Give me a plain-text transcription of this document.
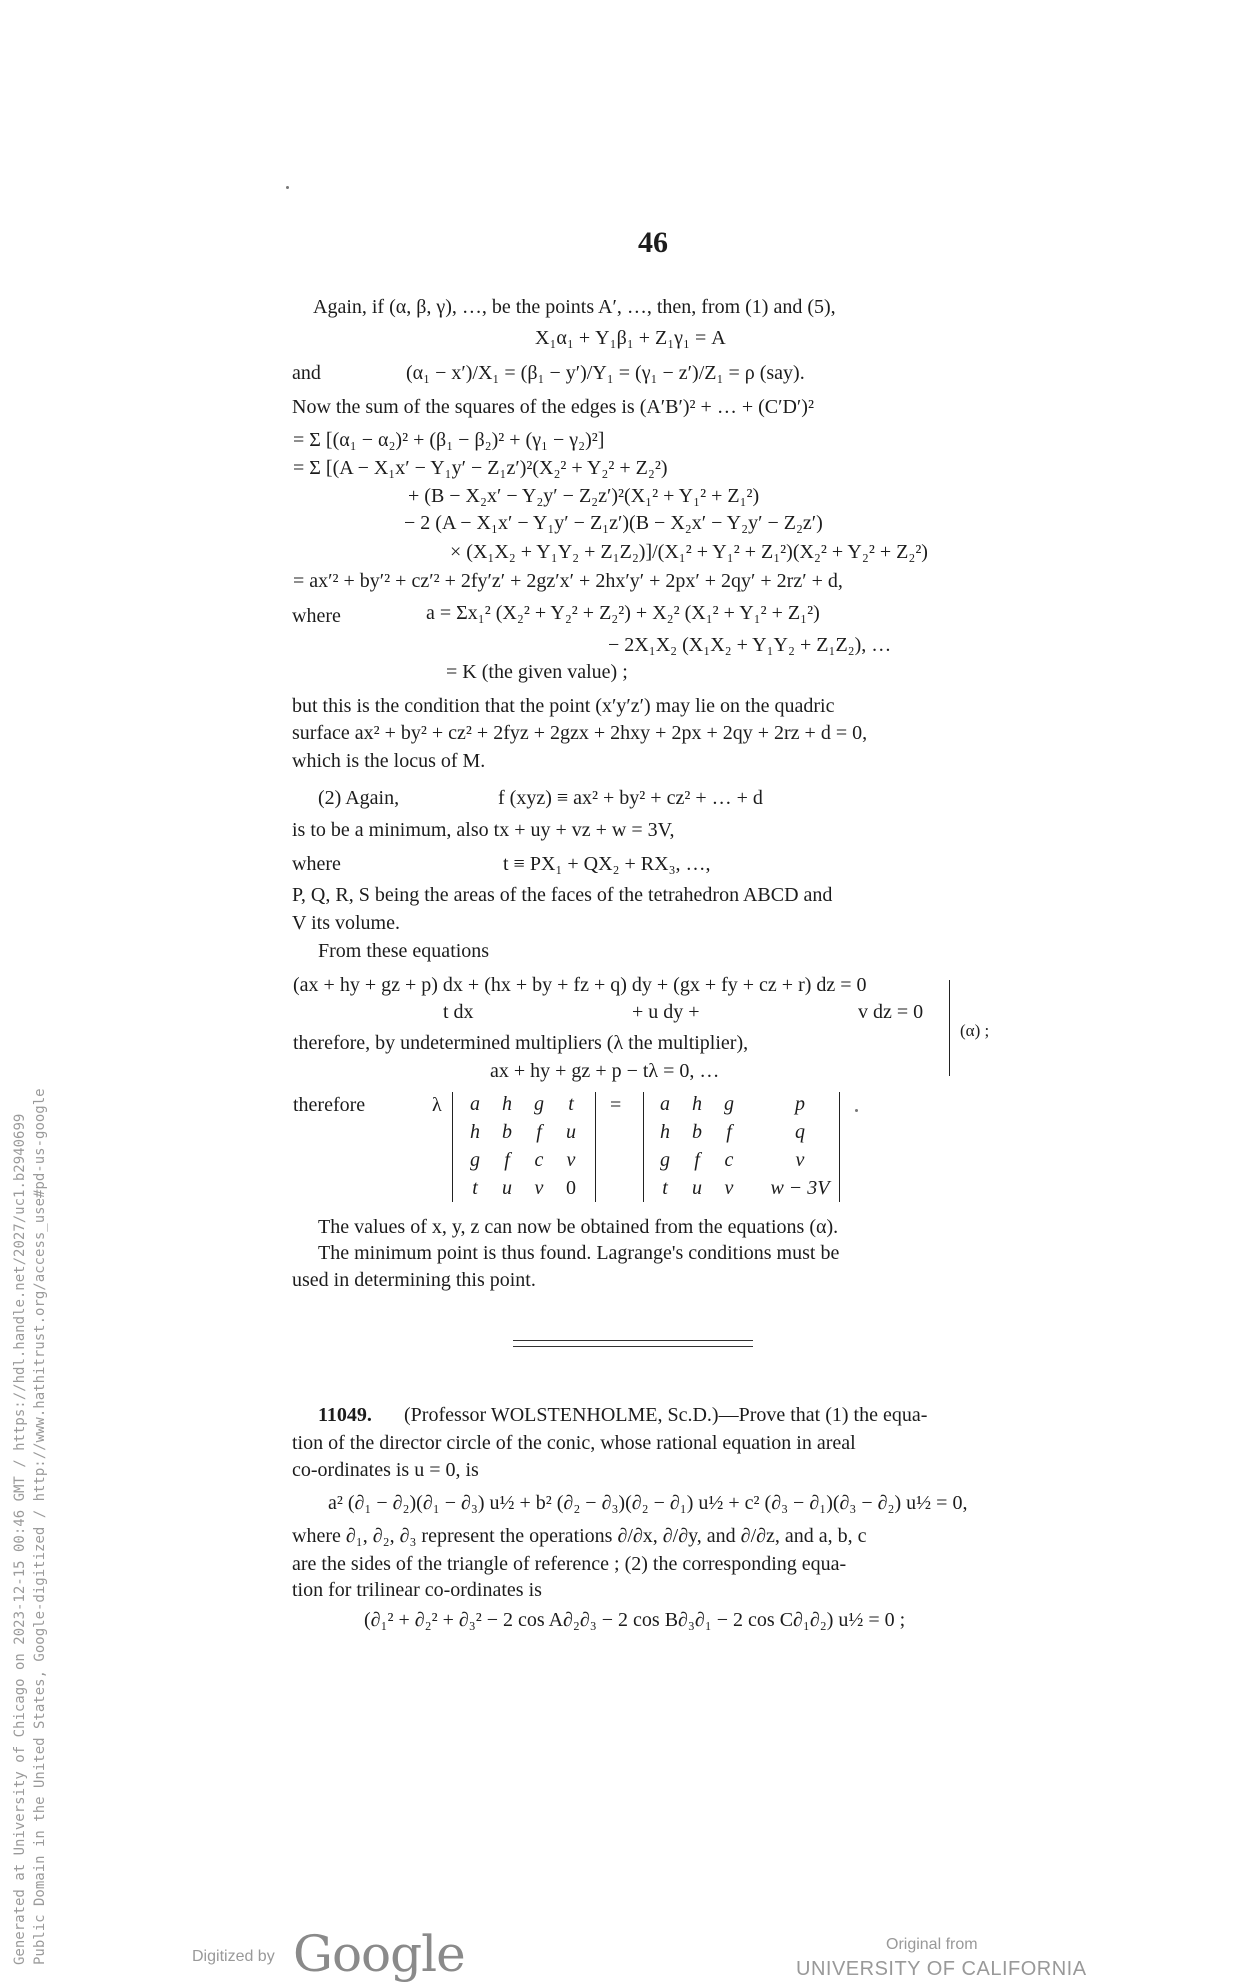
46
Again, if (α, β, γ), …, be the points A′, …, then, from (1) and (5),
X₁α₁ + Y₁β₁ + Z₁γ₁ = A
and	(α₁ − x′)/X₁ = (β₁ − y′)/Y₁ = (γ₁ − z′)/Z₁ = ρ (say).
Now the sum of the squares of the edges is (A′B′)² + … + (C′D′)²
= Σ [(α₁ − α₂)² + (β₁ − β₂)² + (γ₁ − γ₂)²]
= Σ [(A − X₁x′ − Y₁y′ − Z₁z′)²(X₂² + Y₂² + Z₂²)
+ (B − X₂x′ − Y₂y′ − Z₂z′)²(X₁² + Y₁² + Z₁²)
− 2 (A − X₁x′ − Y₁y′ − Z₁z′)(B − X₂x′ − Y₂y′ − Z₂z′)
× (X₁X₂ + Y₁Y₂ + Z₁Z₂)]/(X₁² + Y₁² + Z₁²)(X₂² + Y₂² + Z₂²)
= ax′² + by′² + cz′² + 2fy′z′ + 2gz′x′ + 2hx′y′ + 2px′ + 2qy′ + 2rz′ + d,
where	a = Σx₁² (X₂² + Y₂² + Z₂²) + X₂² (X₁² + Y₁² + Z₁²)
− 2X₁X₂ (X₁X₂ + Y₁Y₂ + Z₁Z₂), …
= K (the given value) ;
but this is the condition that the point (x′y′z′) may lie on the quadric
surface ax² + by² + cz² + 2fyz + 2gzx + 2hxy + 2px + 2qy + 2rz + d = 0,
which is the locus of M.
(2) Again,	f (xyz) ≡ ax² + by² + cz² + … + d
is to be a minimum, also tx + uy + vz + w = 3V,
where	t ≡ PX₁ + QX₂ + RX₃, …,
P, Q, R, S being the areas of the faces of the tetrahedron ABCD and
V its volume.
From these equations
(ax + hy + gz + p) dx + (hx + by + fz + q) dy + (gx + fy + cz + r) dz = 0
t dx	+ u dy +	v dz = 0
(α) ;
therefore, by undetermined multipliers (λ the multiplier),
ax + hy + gz + p − tλ = 0, …
therefore	λ	=
a	h	g	t
h	b	f	u
g	f	c	v
t	u	v	0
a	h	g	p
h	b	f	q
g	f	c	v
t	u	v	w − 3V
The values of x, y, z can now be obtained from the equations (α).
The minimum point is thus found. Lagrange's conditions must be
used in determining this point.
11049. (Professor WOLSTENHOLME, Sc.D.)—Prove that (1) the equa-
tion of the director circle of the conic, whose rational equation in areal
co-ordinates is u = 0, is
a² (∂₁ − ∂₂)(∂₁ − ∂₃) u½ + b² (∂₂ − ∂₃)(∂₂ − ∂₁) u½ + c² (∂₃ − ∂₁)(∂₃ − ∂₂) u½ = 0,
where ∂₁, ∂₂, ∂₃ represent the operations ∂/∂x, ∂/∂y, and ∂/∂z, and a, b, c
are the sides of the triangle of reference ; (2) the corresponding equa-
tion for trilinear co-ordinates is
(∂₁² + ∂₂² + ∂₃² − 2 cos A∂₂∂₃ − 2 cos B∂₃∂₁ − 2 cos C∂₁∂₂) u½ = 0 ;
Generated at University of Chicago on 2023-12-15 00:46 GMT / https://hdl.handle.net/2027/uc1.b2940699 Public Domain in the United States, Google-digitized / http://www.hathitrust.org/access_use#pd-us-google	Digitized by Google	Original from
UNIVERSITY OF CALIFORNIA
